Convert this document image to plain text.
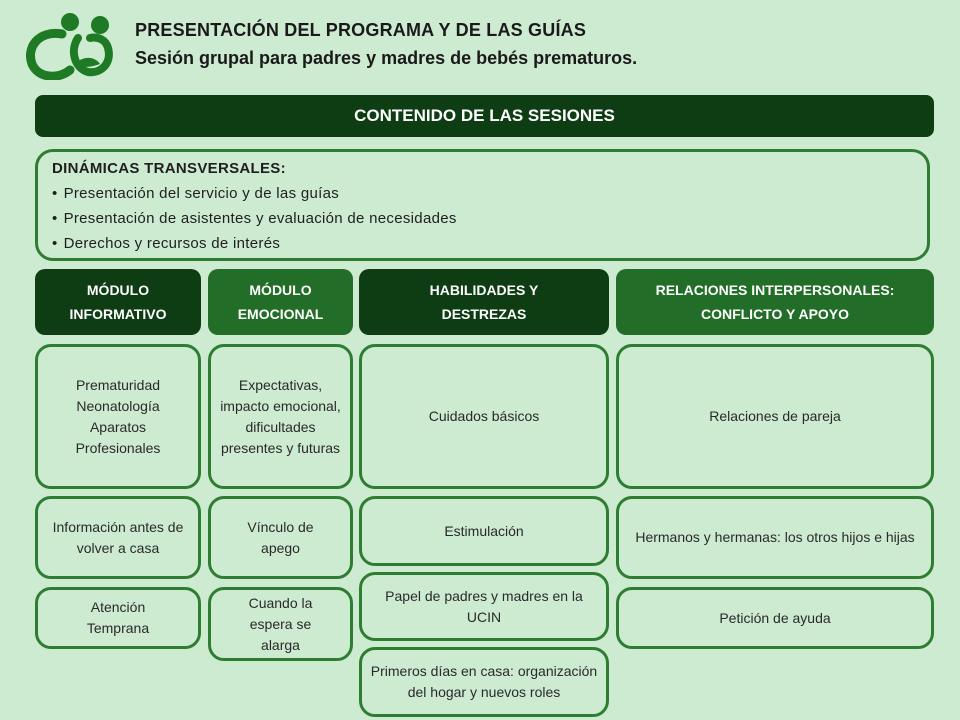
PRESENTACIÓN DEL PROGRAMA Y DE LAS GUÍAS
Sesión grupal para padres y madres de bebés prematuros.
CONTENIDO DE LAS SESIONES
DINÁMICAS TRANSVERSALES:
• Presentación del servicio y de las guías
• Presentación de asistentes y evaluación de necesidades
• Derechos y recursos de interés
MÓDULO INFORMATIVO
MÓDULO EMOCIONAL
HABILIDADES Y DESTREZAS
RELACIONES INTERPERSONALES: CONFLICTO Y APOYO
Prematuridad
Neonatología
Aparatos
Profesionales
Información antes de volver a casa
Atención Temprana
Expectativas, impacto emocional, dificultades presentes y futuras
Vínculo de apego
Cuando la espera se alarga
Cuidados básicos
Estimulación
Papel de padres y madres en la UCIN
Primeros días en casa: organización del hogar y nuevos roles
Relaciones de pareja
Hermanos y hermanas: los otros hijos e hijas
Petición de ayuda
